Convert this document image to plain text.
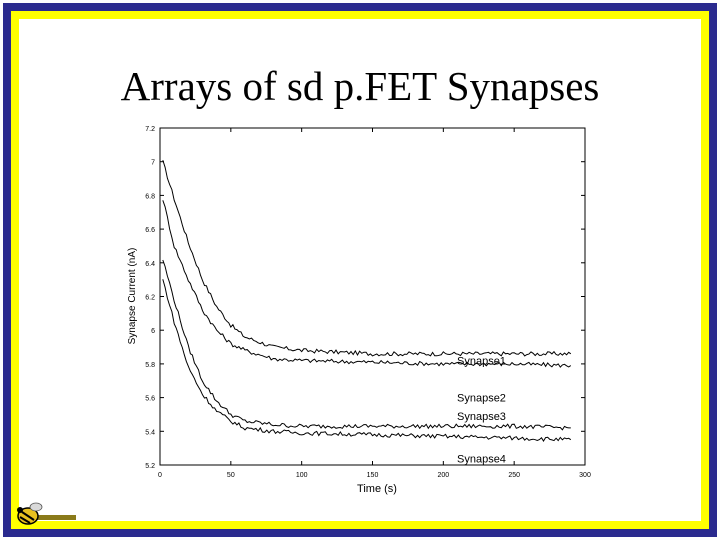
Arrays of sd p.FET Synapses
0	50	100	150	200	250	300
5.2
5.4
5.6
5.8
6
6.2
6.4
6.6
6.8
7
7.2
Synapse1
Synapse2
Synapse3
Synapse4
Time (s)
Synapse Current (nA)
